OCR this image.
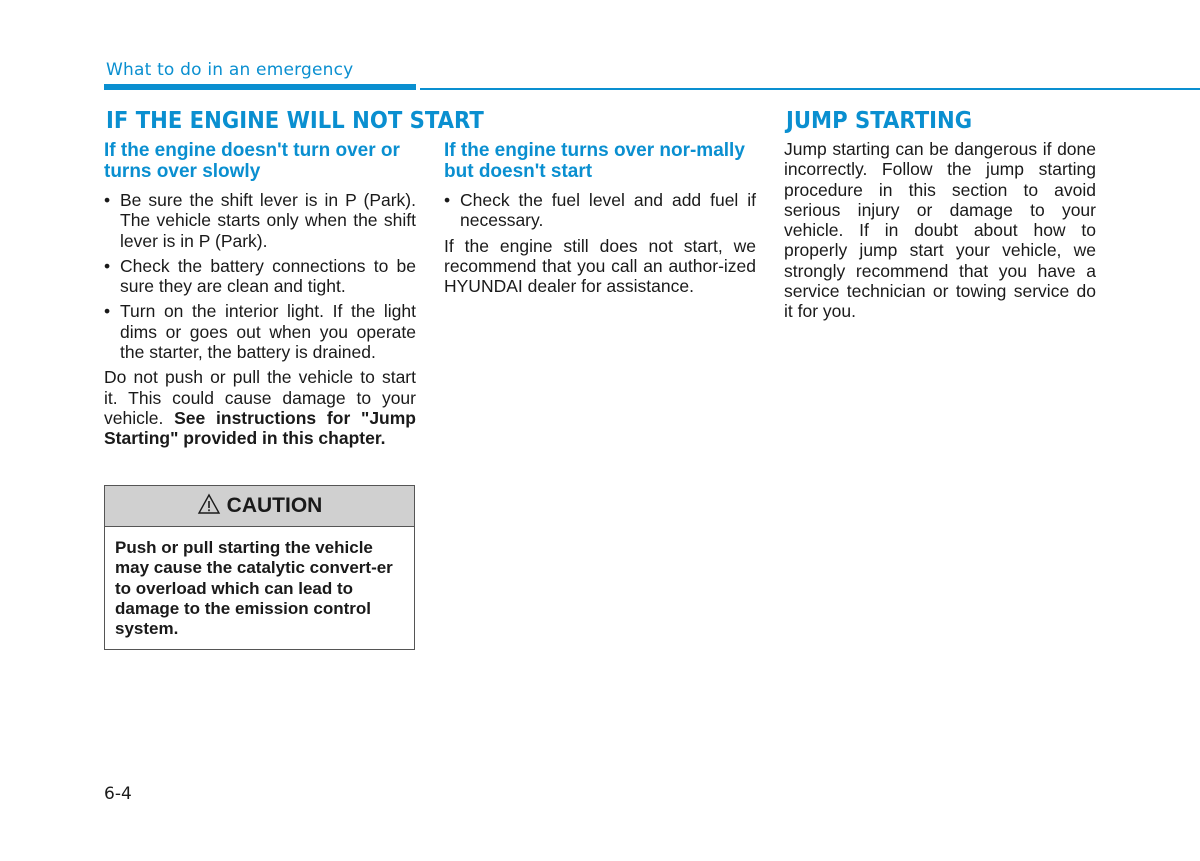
What to do in an emergency
IF THE ENGINE WILL NOT START	JUMP STARTING
If the engine doesn't turn over or turns over slowly
• Be sure the shift lever is in P (Park). The vehicle starts only when the shift lever is in P (Park).
• Check the battery connections to be sure they are clean and tight.
• Turn on the interior light. If the light dims or goes out when you operate the starter, the battery is drained.

Do not push or pull the vehicle to start it. This could cause damage to your vehicle. See instructions for "Jump Starting" provided in this chapter.

CAUTION
Push or pull starting the vehicle may cause the catalytic convert-er to overload which can lead to damage to the emission control system.
If the engine turns over nor-mally but doesn't start
• Check the fuel level and add fuel if necessary.

If the engine still does not start, we recommend that you call an author-ized HYUNDAI dealer for assistance.

Jump starting can be dangerous if done incorrectly. Follow the jump starting procedure in this section to avoid serious injury or damage to your vehicle. If in doubt about how to properly jump start your vehicle, we strongly recommend that you have a service technician or towing service do it for you.

6-4
